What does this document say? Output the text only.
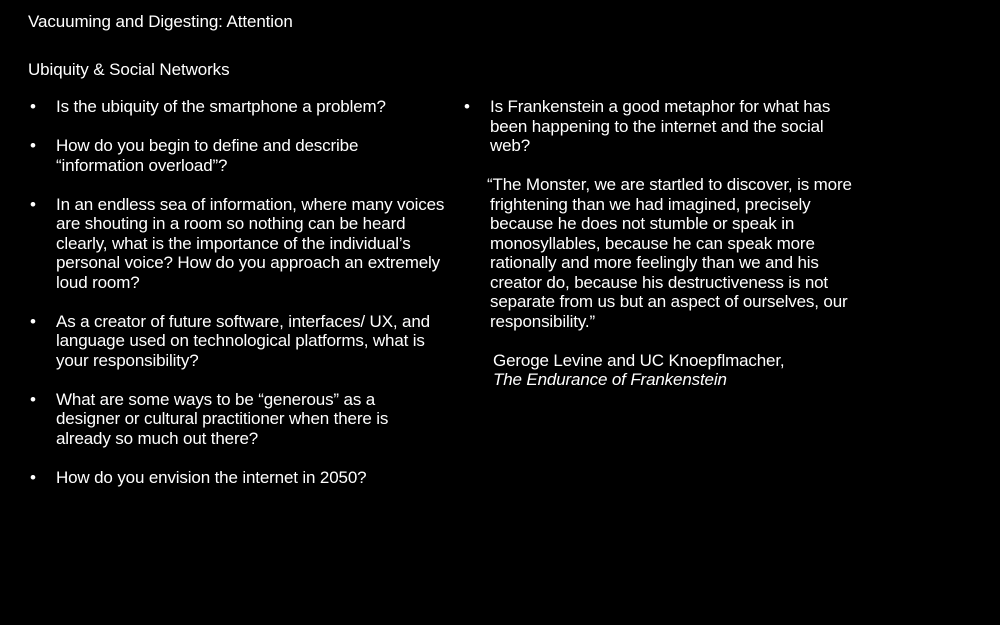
Vacuuming and Digesting: Attention
Ubiquity & Social Networks
• Is the ubiquity of the smartphone a problem?
• How do you begin to define and describe “information overload”?
• In an endless sea of information, where many voices are shouting in a room so nothing can be heard clearly, what is the importance of the individual’s personal voice? How do you approach an extremely loud room?
• As a creator of future software, interfaces/ UX, and language used on technological platforms, what is your responsibility?
• What are some ways to be “generous” as a designer or cultural practitioner when there is already so much out there?
• How do you envision the internet in 2050?
• Is Frankenstein a good metaphor for what has been happening to the internet and the social web?
“The Monster, we are startled to discover, is more frightening than we had imagined, precisely because he does not stumble or speak in monosyllables, because he can speak more rationally and more feelingly than we and his creator do, because his destructiveness is not separate from us but an aspect of ourselves, our responsibility.”
Geroge Levine and UC Knoepflmacher,
The Endurance of Frankenstein
